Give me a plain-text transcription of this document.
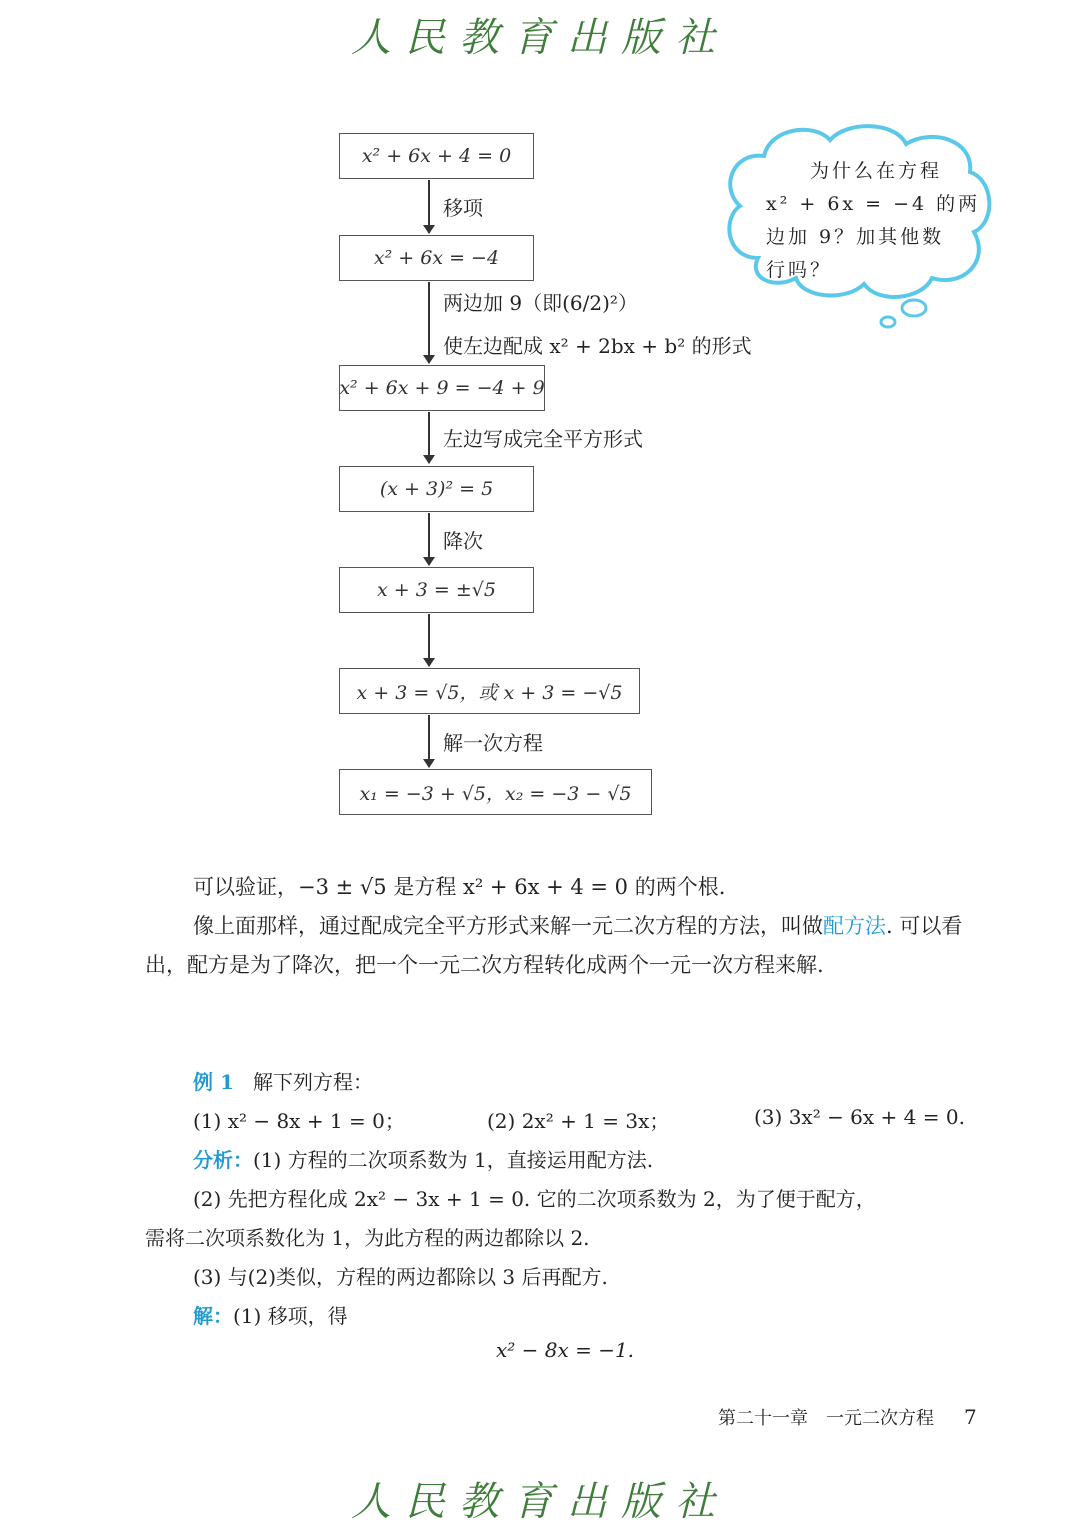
人民教育出版社
x² + 6x + 4 = 0
移项
x² + 6x = −4
两边加 9（即(6/2)²）
使左边配成 x² + 2bx + b² 的形式
x² + 6x + 9 = −4 + 9
左边写成完全平方形式
(x + 3)² = 5
降次
x + 3 = ±√5
x + 3 = √5，或 x + 3 = −√5
解一次方程
x₁ = −3 + √5，x₂ = −3 − √5
为什么在方程
x² + 6x = −4 的两
边加 9？加其他数
行吗？

可以验证，−3 ± √5 是方程 x² + 6x + 4 = 0 的两个根.

像上面那样，通过配成完全平方形式来解一元二次方程的方法，叫做配方法. 可以看出，配方是为了降次，把一个一元二次方程转化成两个一元一次方程来解.

例 1 解下列方程：
(1) x² − 8x + 1 = 0；	(2) 2x² + 1 = 3x；	(3) 3x² − 6x + 4 = 0.
分析：(1) 方程的二次项系数为 1，直接运用配方法.
(2) 先把方程化成 2x² − 3x + 1 = 0. 它的二次项系数为 2，为了便于配方，
需将二次项系数化为 1，为此方程的两边都除以 2.
(3) 与(2)类似，方程的两边都除以 3 后再配方.
解：(1) 移项，得
x² − 8x = −1.
第二十一章　一元二次方程 7
人民教育出版社
